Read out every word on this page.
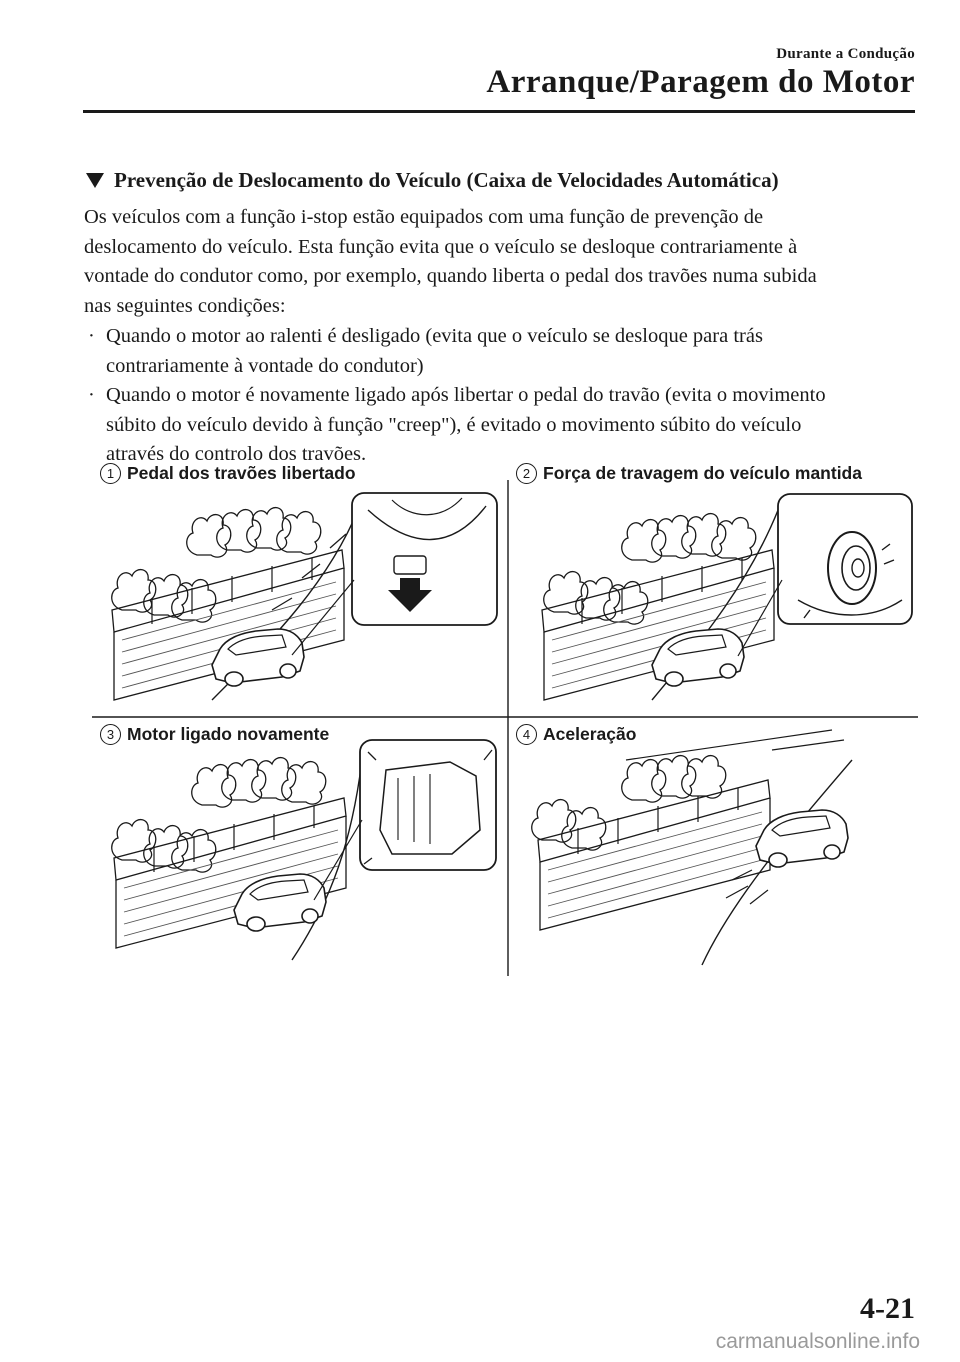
Durante a Condução
Arranque/Paragem do Motor
Prevenção de Deslocamento do Veículo (Caixa de Velocidades Automática)

Os veículos com a função i-stop estão equipados com uma função de prevenção de

deslocamento do veículo. Esta função evita que o veículo se desloque contrariamente à

vontade do condutor como, por exemplo, quando liberta o pedal dos travões numa subida

nas seguintes condições:

· Quando o motor ao ralenti é desligado (evita que o veículo se desloque para trás
contrariamente à vontade do condutor)
· Quando o motor é novamente ligado após libertar o pedal do travão (evita o movimento
súbito do veículo devido à função "creep"), é evitado o movimento súbito do veículo
através do controlo dos travões.
1 Pedal dos travões libertado	2 Força de travagem do veículo mantida
3 Motor ligado novamente	4 Aceleração
4-21
carmanualsonline.info
